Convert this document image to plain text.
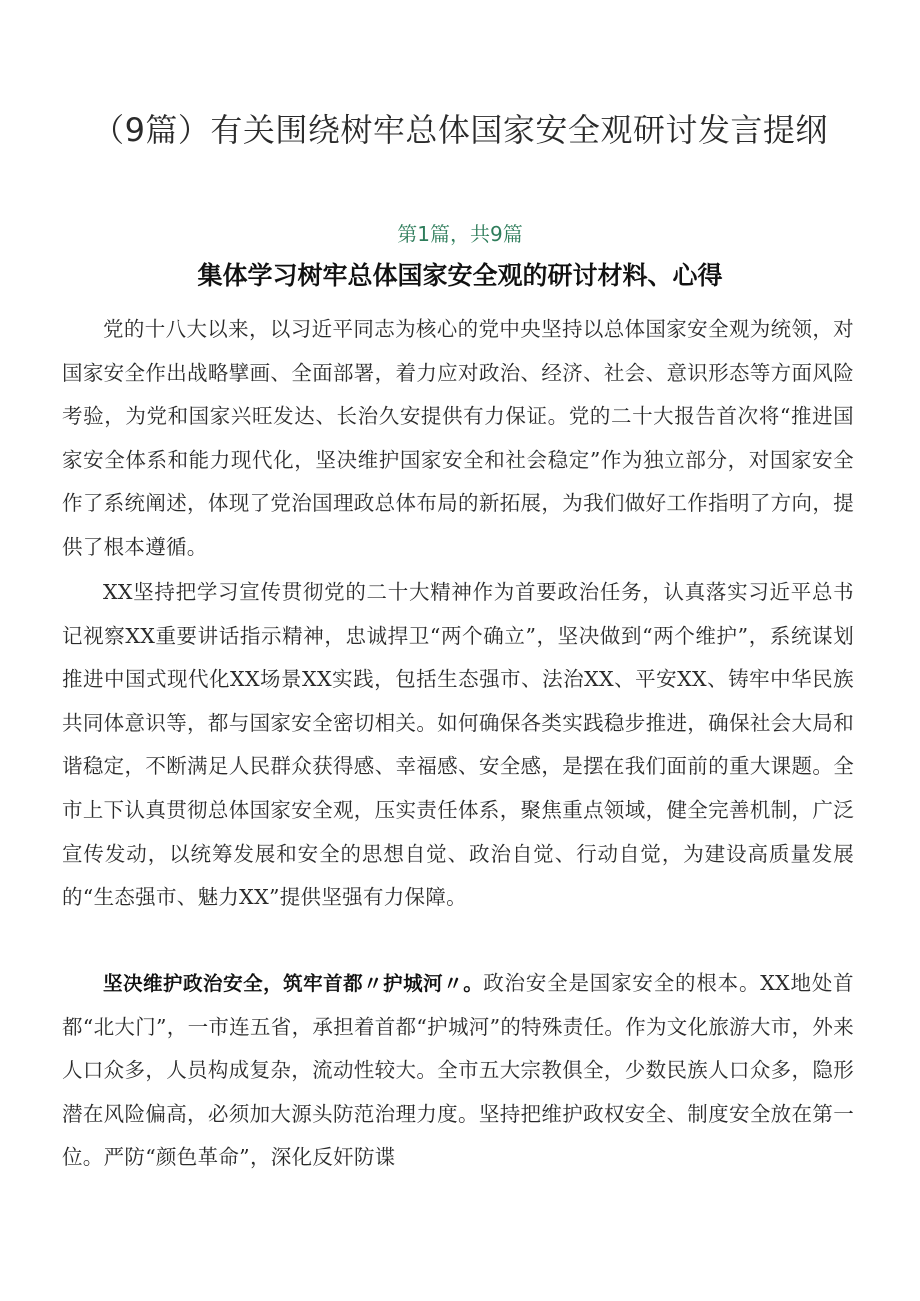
（9篇）有关围绕树牢总体国家安全观研讨发言提纲
第1篇，共9篇
集体学习树牢总体国家安全观的研讨材料、心得

党的十八大以来，以习近平同志为核心的党中央坚持以总体国家安全观为统领，对国家安全作出战略擘画、全面部署，着力应对政治、经济、社会、意识形态等方面风险考验，为党和国家兴旺发达、长治久安提供有力保证。党的二十大报告首次将“推进国家安全体系和能力现代化，坚决维护国家安全和社会稳定”作为独立部分，对国家安全作了系统阐述，体现了党治国理政总体布局的新拓展，为我们做好工作指明了方向，提供了根本遵循。

XX坚持把学习宣传贯彻党的二十大精神作为首要政治任务，认真落实习近平总书记视察XX重要讲话指示精神，忠诚捍卫“两个确立”，坚决做到“两个维护”，系统谋划推进中国式现代化XX场景XX实践，包括生态强市、法治XX、平安XX、铸牢中华民族共同体意识等，都与国家安全密切相关。如何确保各类实践稳步推进，确保社会大局和谐稳定，不断满足人民群众获得感、幸福感、安全感，是摆在我们面前的重大课题。全市上下认真贯彻总体国家安全观，压实责任体系，聚焦重点领域，健全完善机制，广泛宣传发动，以统筹发展和安全的思想自觉、政治自觉、行动自觉，为建设高质量发展的“生态强市、魅力XX”提供坚强有力保障。

坚决维护政治安全，筑牢首都〃护城河〃。政治安全是国家安全的根本。XX地处首都“北大门”，一市连五省，承担着首都“护城河”的特殊责任。作为文化旅游大市，外来人口众多，人员构成复杂，流动性较大。全市五大宗教俱全，少数民族人口众多，隐形潜在风险偏高，必须加大源头防范治理力度。坚持把维护政权安全、制度安全放在第一位。严防“颜色革命”，深化反奸防谍
